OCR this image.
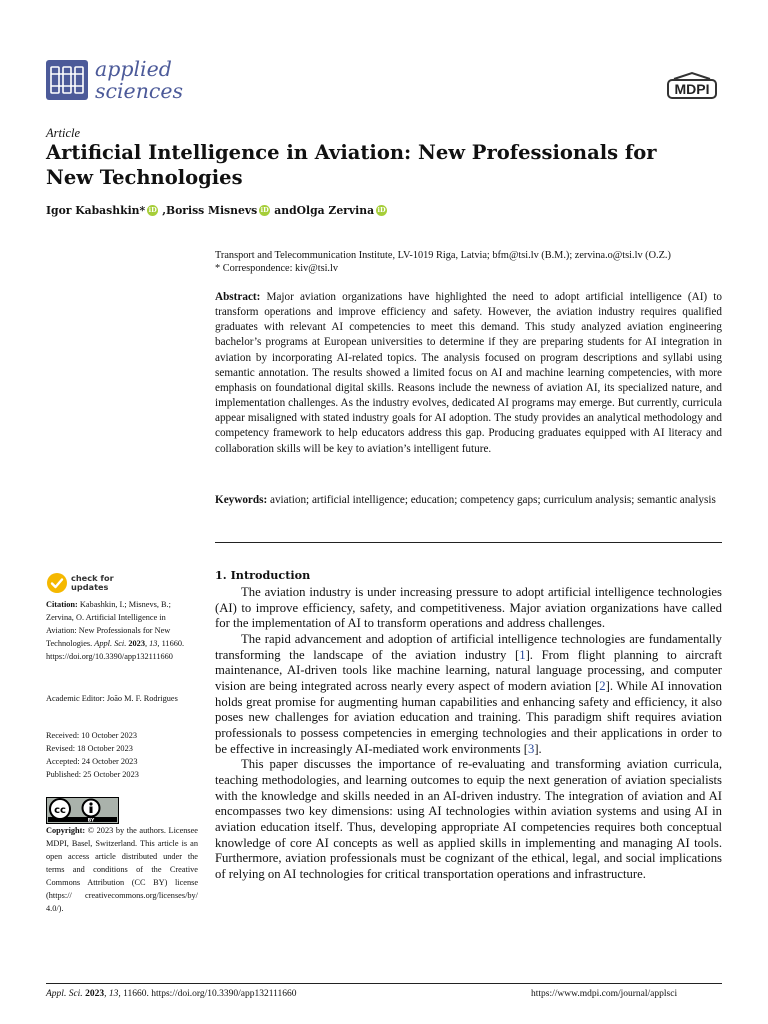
applied
sciences	MDPI
Article
Artificial Intelligence in Aviation: New Professionals for New Technologies
Igor Kabashkin * iD , Boriss Misnevs iD and Olga Zervina iD
Transport and Telecommunication Institute, LV-1019 Riga, Latvia; bfm@tsi.lv (B.M.); zervina.o@tsi.lv (O.Z.)
* Correspondence: kiv@tsi.lv
Abstract: Major aviation organizations have highlighted the need to adopt artificial intelligence (AI) to transform operations and improve efficiency and safety. However, the aviation industry requires qualified graduates with relevant AI competencies to meet this demand. This study analyzed aviation engineering bachelor’s programs at European universities to determine if they are preparing students for AI integration in aviation by incorporating AI-related topics. The analysis focused on program descriptions and syllabi using semantic annotation. The results showed a limited focus on AI and machine learning competencies, with more emphasis on foundational digital skills. Reasons include the newness of aviation AI, its specialized nature, and implementation challenges. As the industry evolves, dedicated AI programs may emerge. But currently, curricula appear misaligned with stated industry goals for AI adoption. The study provides an analytical methodology and competency framework to help educators address this gap. Producing graduates equipped with AI literacy and collaboration skills will be key to aviation’s intelligent future.
Keywords: aviation; artificial intelligence; education; competency gaps; curriculum analysis; semantic analysis
check for
updates
Citation: Kabashkin, I.; Misnevs, B.; Zervina, O. Artificial Intelligence in Aviation: New Professionals for New Technologies. Appl. Sci. 2023, 13, 11660. https://doi.org/10.3390/app132111660
Academic Editor: João M. F. Rodrigues
Received: 10 October 2023
Revised: 18 October 2023
Accepted: 24 October 2023
Published: 25 October 2023
cc
BY
Copyright: © 2023 by the authors. Licensee MDPI, Basel, Switzerland. This article is an open access article distributed under the terms and conditions of the Creative Commons Attribution (CC BY) license (https:// creativecommons.org/licenses/by/ 4.0/).
1. Introduction

The aviation industry is under increasing pressure to adopt artificial intelligence technologies (AI) to improve efficiency, safety, and competitiveness. Major aviation organizations have called for the implementation of AI to transform operations and address challenges.

The rapid advancement and adoption of artificial intelligence technologies are fundamentally transforming the landscape of the aviation industry [1]. From flight planning to aircraft maintenance, AI-driven tools like machine learning, natural language processing, and computer vision are being integrated across nearly every aspect of modern aviation [2]. While AI innovation holds great promise for augmenting human capabilities and enhancing safety and efficiency, it also poses new challenges for aviation education and training. This paradigm shift requires aviation professionals to possess competencies in emerging technologies and their applications in order to be effective in increasingly AI-mediated work environments [3].

This paper discusses the importance of re-evaluating and transforming aviation curricula, teaching methodologies, and learning outcomes to equip the next generation of aviation specialists with the knowledge and skills needed in an AI-driven industry. The integration of aviation and AI encompasses two key dimensions: using AI technologies within aviation systems and using AI in aviation education itself. Thus, developing appropriate AI competencies requires both conceptual knowledge of core AI concepts as well as applied skills in implementing and managing AI tools. Furthermore, aviation professionals must be cognizant of the ethical, legal, and social implications of relying on AI technologies for critical transportation operations and infrastructure.

Appl. Sci. 2023, 13, 11660. https://doi.org/10.3390/app132111660	https://www.mdpi.com/journal/applsci
